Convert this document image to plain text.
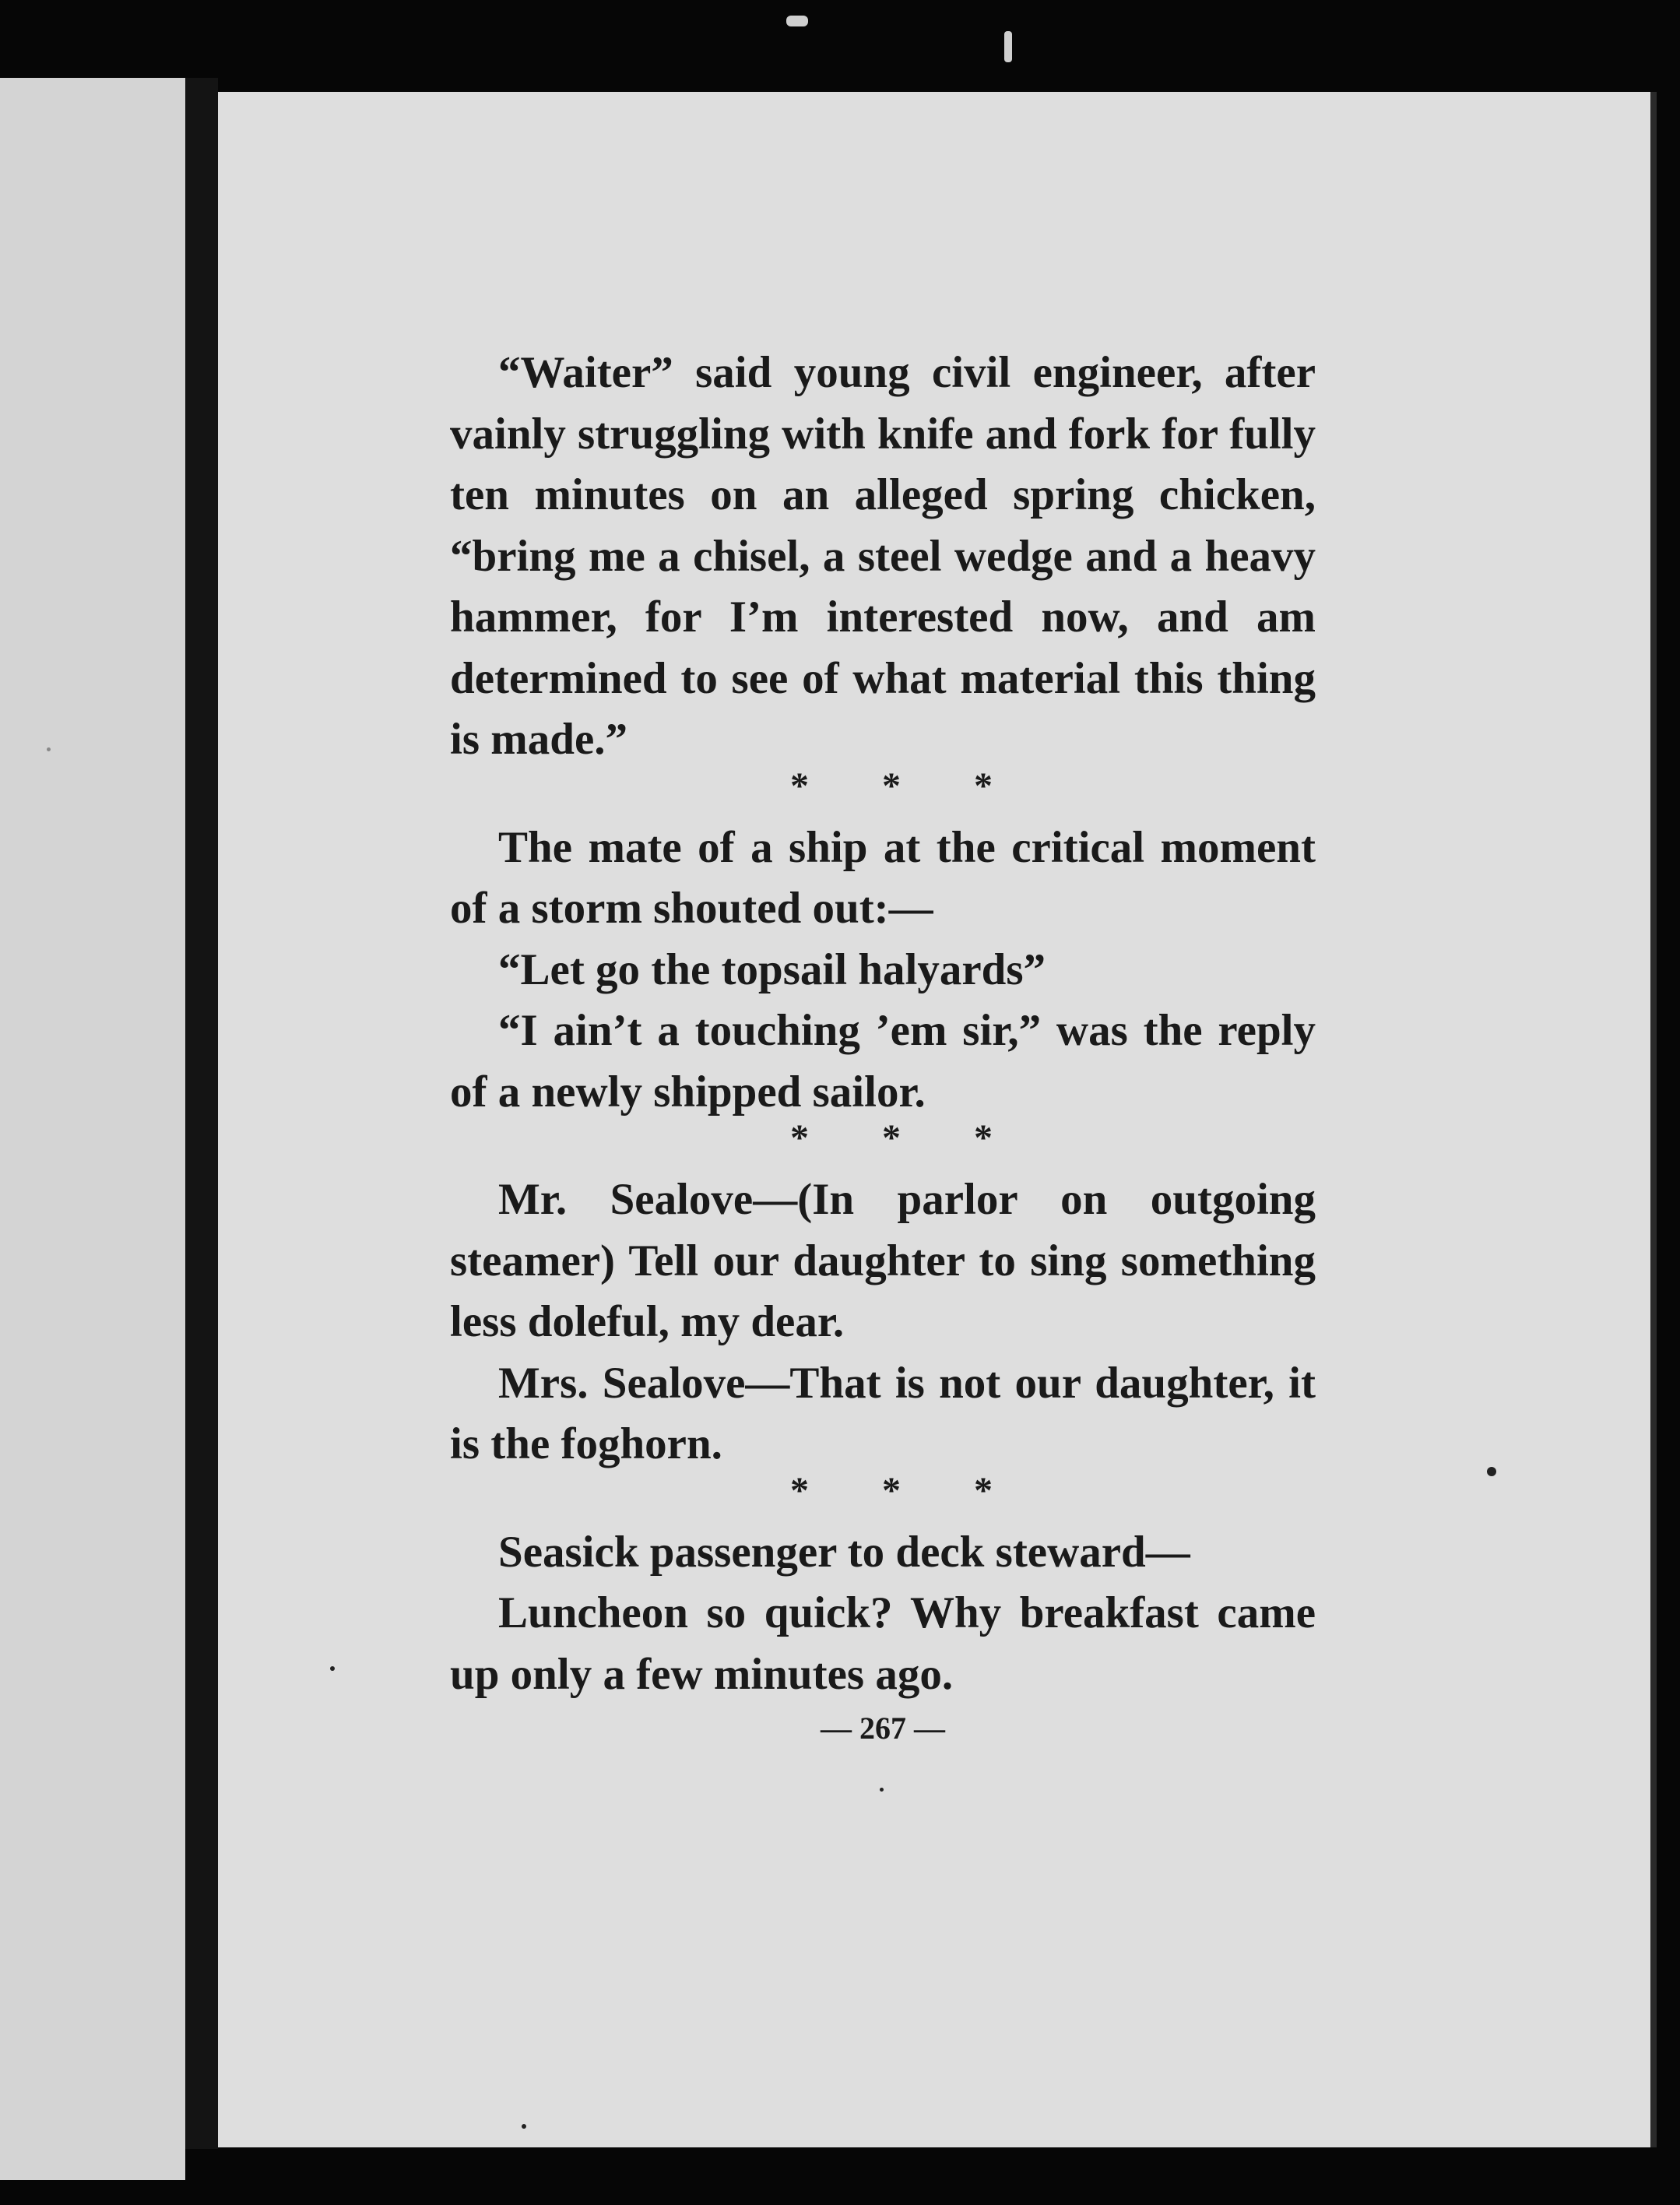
“Waiter” said young civil engineer, after vainly struggling with knife and fork for fully ten minutes on an alleged spring chicken, “bring me a chisel, a steel wedge and a heavy hammer, for I’m interested now, and am determined to see of what material this thing is made.”

* * *

The mate of a ship at the critical moment of a storm shouted out:—

“Let go the topsail halyards”

“I ain’t a touching ’em sir,” was the reply of a newly shipped sailor.

* * *

Mr. Sealove—(In parlor on outgoing steamer) Tell our daughter to sing something less doleful, my dear.

Mrs. Sealove—That is not our daughter, it is the foghorn.

* * *

Seasick passenger to deck steward—

Luncheon so quick? Why breakfast came up only a few minutes ago.

— 267 —
